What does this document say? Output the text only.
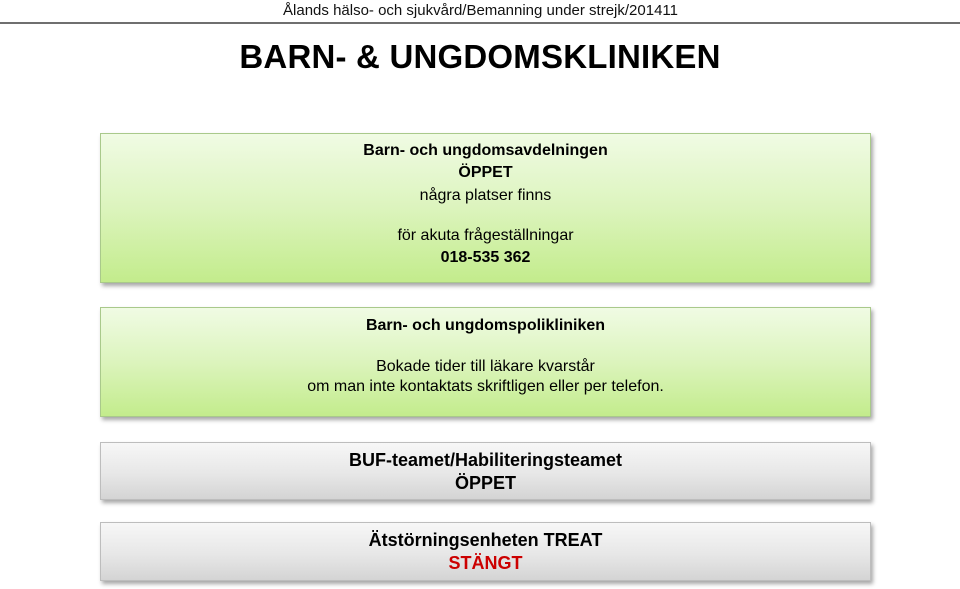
Ålands hälso- och sjukvård/Bemanning under strejk/201411
BARN- & UNGDOMSKLINIKEN
Barn- och ungdomsavdelningen
ÖPPET
några platser finns
för akuta frågeställningar
018-535 362
Barn- och ungdomspolikliniken
Bokade tider till läkare kvarstår
om man inte kontaktats skriftligen eller per telefon.
BUF-teamet/Habiliteringsteamet
ÖPPET
Ätstörningsenheten TREAT
STÄNGT
